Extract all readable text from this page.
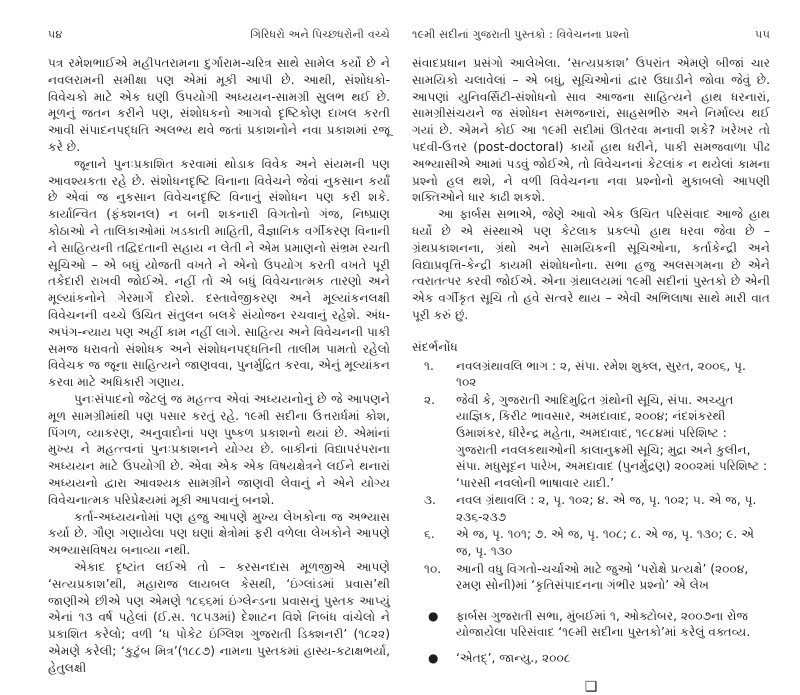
૫૪	ગિરિધરો અને પિચ્છધરોની વચ્ચે

પત્ર રમેશભાઈએ મહીપતરામના દુર્ગારામ-ચરિત્ર સાથે સામેલ કર્યો છે ને નવલરામની સમીક્ષા પણ એમાં મૂકી આપી છે. આથી, સંશોધકો-વિવેચકો માટે એક ઘણી ઉપયોગી અધ્યયન-સામગ્રી સુલભ થઈ છે. મૂળનું જતન કરીને પણ, સંશોધકનો આગવો દૃષ્ટિકોણ દાખલ કરતી આવી સંપાદનપદ્ધતિ અલભ્ય થવે જતાં પ્રકાશનોને નવા પ્રકાશમાં રજૂ કરે છે.

જૂનાને પુનઃપ્રકાશિત કરવામાં થોડાક વિવેક અને સંયમની પણ આવશ્યકતા રહે છે. સંશોધનદૃષ્ટિ વિનાના વિવેચને જેવાં નુકસાન કર્યાં છે એવાં જ નુકસાન વિવેચનદૃષ્ટિ વિનાનું સંશોધન પણ કરી શકે. કાર્યાન્વિત (ફંક્શનલ) ન બની શકનારી વિગતોનો ગંજ, નિષ્પ્રાણ કોઠાઓ ને તાલિકાઓમાં ખડકાતી માહિતી, વૈજ્ઞાનિક વર્ગીકરણ વિનાની ને સાહિત્યની તદ્વિદતાની સહાય ન લેતી ને એમ પ્રમાણનો સંભ્રમ રચતી સૂચિઓ – એ બધું યોજતી વખતે ને એનો ઉપયોગ કરતી વખતે પૂરી તકેદારી રાખવી જોઈએ. નહીં તો એ બધું વિવેચનાત્મક તારણો અને મૂલ્યાંકનોને ગેરમાર્ગે દોરશે. દસ્તાવેજીકરણ અને મૂલ્યાંકનલક્ષી વિવેચનની વચ્ચે ઉચિત સંતુલન બલકે સંયોજન રચવાનું રહેશે. અંધ-અપંગ-ન્યાય પણ અહીં કામ નહીં લાગે. સાહિત્ય અને વિવેચનની પાકી સમજ ધરાવતો સંશોધક અને સંશોધનપદ્ધતિની તાલીમ પામતો રહેલો વિવેચક જ જૂના સાહિત્યને જાણવવા, પુનર્મુદ્રિત કરવા, એનું મૂલ્યાંકન કરવા માટે અધિકારી ગણાય.

પુનઃસંપાદનો જેટલું જ મહત્ત્વ એવાં અધ્યયનોનું છે જે આપણને મૂળ સામગ્રીમાંથી પણ પસાર કરતું રહે. ૧૯મી સદીના ઉત્તરાર્ધમાં કોશ, પિંગળ, વ્યાકરણ, અનુવાદોનાં પણ પુષ્કળ પ્રકાશનો થયાં છે. એમાંનાં મુખ્ય ને મહત્ત્વનાં પુનઃપ્રકાશનને યોગ્ય છે. બાકીનાં વિદ્યાપરંપરાના અધ્યયન માટે ઉપયોગી છે. એવા એક એક વિષયક્ષેત્રને લઈને થનારાં અધ્યયનો દ્વારા આવશ્યક સામગ્રીને જાણવી લેવાનું ને એને યોગ્ય વિવેચનાત્મક પરિપ્રેક્ષ્યમાં મૂકી આપવાનું બનશે.

કર્તા-અધ્યયનોમાં પણ હજુ આપણે મુખ્ય લેખકોના જ અભ્યાસ કર્યા છે. ગૌણ ગણાયેલા પણ ઘણાં ક્ષેત્રોમાં ફરી વળેલા લેખકોને આપણે અભ્યાસવિષય બનાવ્યા નથી.

એકાદ દૃષ્ટાંત લઈએ તો – કરસનદાસ મૂળજીએ આપણે ‘સત્યપ્રકાશ’થી, મહારાજ લાયબલ કેસથી, ‘ઇંગ્લાંડમાં પ્રવાસ’થી જાણીએ છીએ પણ એમણે ૧૮૬૬માં ઇંગ્લેન્ડના પ્રવાસનું પુસ્તક આપ્યું એનાં ૧૩ વર્ષ પહેલાં (ઈ.સ. ૧૮૫૩માં) દેશાટન વિશે નિબંધ વાંચેલો ને પ્રકાશિત કરેલો; વળી ‘ધ પોકેટ ઇંગ્લિશ ગુજરાતી ડિક્શનરી’ (૧૮૨૨) એમણે કરેલી; ‘કુટુંબ મિત્ર’(૧૮૮૭) નામના પુસ્તકમાં હાસ્ય-કટાક્ષભર્યા, હેતુલક્ષી

૧૯મી સદીનાં ગુજરાતી પુસ્તકો : વિવેચનના પ્રશ્નો	૫૫

સંવાદપ્રધાન પ્રસંગો આલેખેલા. ‘સત્યપ્રકાશ’ ઉપરાંત એમણે બીજાં ચાર સામયિકો ચલાવેલાં – એ બધું, સૂચિઓનાં દ્વાર ઉઘાડીને જોવા જેવું છે. આપણાં યુનિવર્સિટી-સંશોધનો સાવ આજના સાહિત્યને હાથ ધરનારાં, સામગ્રીસંચયને જ સંશોધન સમજનારાં, સાહસભીરુ અને નિર્માલ્ય થઈ ગયાં છે. એમને કોઈ આ ૧૯મી સદીમાં ઊતરવા મનાવી શકે? ખરેખર તો પદવી-ઉત્તર (post-doctoral) કાર્યો હાથ ધરીને, પાકી સમજવાળા પીઢ અભ્યાસીએ આમાં પડવું જોઈએ, તો વિવેચનનાં કેટલાંક ન થયેલાં કામના પ્રશ્નો હલ થશે, ને વળી વિવેચનના નવા પ્રશ્નોનો મુકાબલો આપણી શક્તિઓને ધાર કાઢી શકશે.

આ ફાર્બસ સભાએ, જેણે આવો એક ઉચિત પરિસંવાદ આજે હાથ ધર્યો છે એ સંસ્થાએ પણ કેટલાક પ્રકલ્પો હાથ ધરવા જેવા છે – ગ્રંથપ્રકાશનના, ગ્રંથો અને સામયિકની સૂચિઓના, કર્તાકેન્દ્રી અને વિદ્યાપ્રવૃત્તિ-કેન્દ્રી કાયમી સંશોધનોના. સભા હજુ અલસગમના છે એને ત્વરાતત્પર કરવી જોઈએ. એના ગ્રંથાલયમાં ૧૯મી સદીનાં પુસ્તકો છે એની એક વર્ગીકૃત સૂચિ તો હવે સત્વરે થાય – એવી અભિલાષા સાથે મારી વાત પૂરી કરું છું.

સંદર્ભનોંધ
૧.	નવલગ્રંથાવલિ ભાગ : ૨, સંપા. રમેશ શુક્લ, સુરત, ૨૦૦૬, પૃ. ૧૦૨
૨.	જેવી કે, ગુજરાતી આદિમુદ્રિત ગ્રંથોની સૂચિ, સંપા. અચ્યુત યાજ્ઞિક, કિરીટ ભાવસાર, અમદાવાદ, ૨૦૦૪; નંદશંકરથી ઉમાશંકર, ધીરેન્દ્ર મહેતા, અમદાવાદ, ૧૯૮૪માં પરિશિષ્ટ : ગુજરાતી નવલકથાઓની કાલાનુક્રમી સૂચિ; મુદ્રા અને કુલીન, સંપા. મધુસૂદન પારેખ, અમદાવાદ (પુનર્મુદ્રણ) ૨૦૦૨માં પરિશિષ્ટ : ‘પારસી નવલોની ભાષાવાર યાદી.’
૩.	નવલ ગ્રંથાવલિ : ૨, પૃ. ૧૦૨; ૪. એ જ, પૃ. ૧૦૨; ૫. એ જ, પૃ. ૨૩૬-૨૩૭
૬.	એ જ, પૃ. ૧૦૧; ૭. એ જ, પૃ. ૧૦૮; ૮. એ જ, પૃ. ૧૩૦; ૯. એ જ, પૃ. ૧૩૦
૧૦.	આની વધુ વિગતો-ચર્ચાઓ માટે જુઓ ‘પરોક્ષે પ્રત્યક્ષે’ (૨૦૦૪, રમણ સોની)માં ‘કૃતિસંપાદનના ગંભીર પ્રશ્નો’ એ લેખ
●	ફાર્બસ ગુજરાતી સભા, મુંબઈમાં ૧, ઓક્ટોબર, ૨૦૦૭ના રોજ યોજાયેલા પરિસંવાદ ‘૧૯મી સદીના પુસ્તકો’માં કરેલું વક્તવ્ય.
●	‘એતદ્’, જાન્યુ., ૨૦૦૮
❑
